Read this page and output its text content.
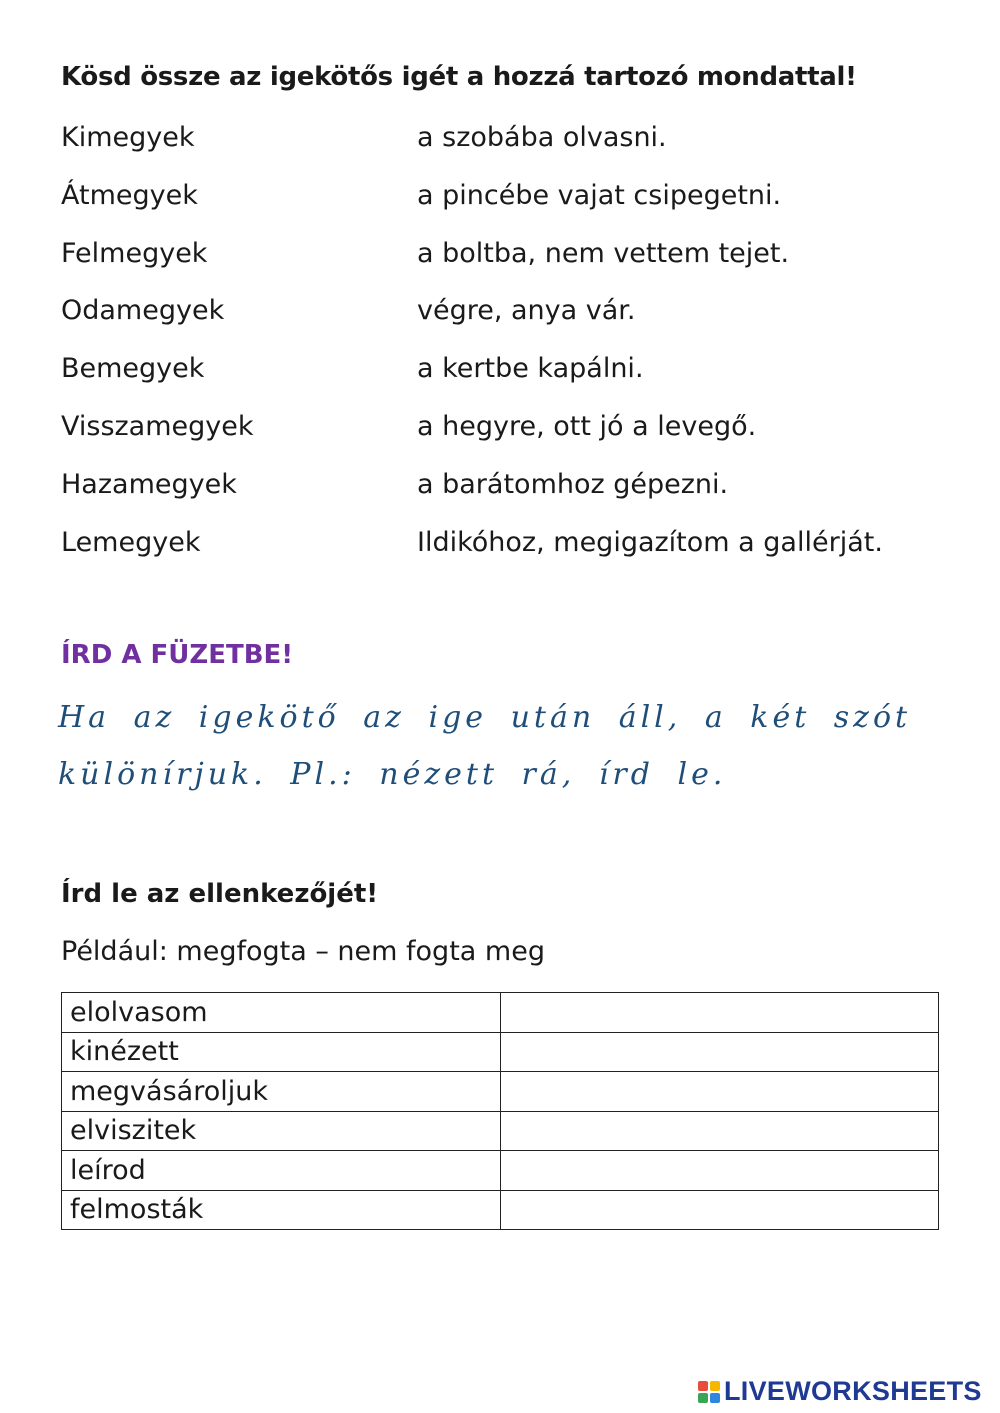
Kösd össze az igekötős igét a hozzá tartozó mondattal!
Kimegyek	a szobába olvasni.
Átmegyek	a pincébe vajat csipegetni.
Felmegyek	a boltba, nem vettem tejet.
Odamegyek	végre, anya vár.
Bemegyek	a kertbe kapálni.
Visszamegyek	a hegyre, ott jó a levegő.
Hazamegyek	a barátomhoz gépezni.
Lemegyek	Ildikóhoz, megigazítom a gallérját.
ÍRD A FÜZETBE!
Ha az igekötő az ige után áll, a két szót
különírjuk. Pl.: nézett rá, írd le.
Írd le az ellenkezőjét!
Például: megfogta – nem fogta meg
elolvasom	
kinézett	
megvásároljuk	
elviszitek	
leírod	
felmosták	
LIVEWORKSHEETS
